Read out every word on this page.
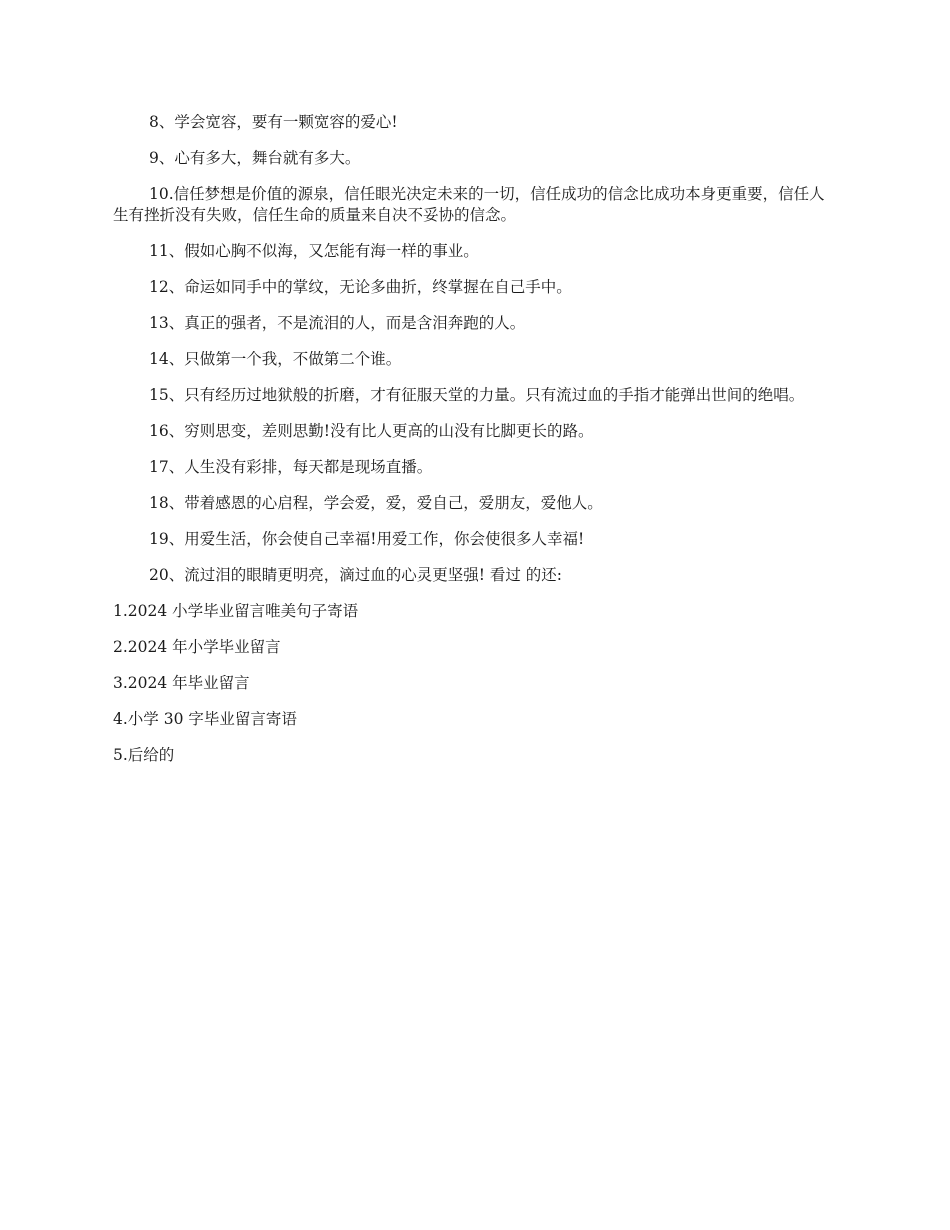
8、学会宽容，要有一颗宽容的爱心!

9、心有多大，舞台就有多大。

10.信任梦想是价值的源泉，信任眼光决定未来的一切，信任成功的信念比成功本身更重要，信任人生有挫折没有失败，信任生命的质量来自决不妥协的信念。

11、假如心胸不似海，又怎能有海一样的事业。

12、命运如同手中的掌纹，无论多曲折，终掌握在自己手中。

13、真正的强者，不是流泪的人，而是含泪奔跑的人。

14、只做第一个我，不做第二个谁。

15、只有经历过地狱般的折磨，才有征服天堂的力量。只有流过血的手指才能弹出世间的绝唱。

16、穷则思变，差则思勤!没有比人更高的山没有比脚更长的路。

17、人生没有彩排，每天都是现场直播。

18、带着感恩的心启程，学会爱，爱，爱自己，爱朋友，爱他人。

19、用爱生活，你会使自己幸福!用爱工作，你会使很多人幸福!

20、流过泪的眼睛更明亮，滴过血的心灵更坚强! 看过 的还:

1.2024 小学毕业留言唯美句子寄语

2.2024 年小学毕业留言

3.2024 年毕业留言

4.小学 30 字毕业留言寄语

5.后给的
